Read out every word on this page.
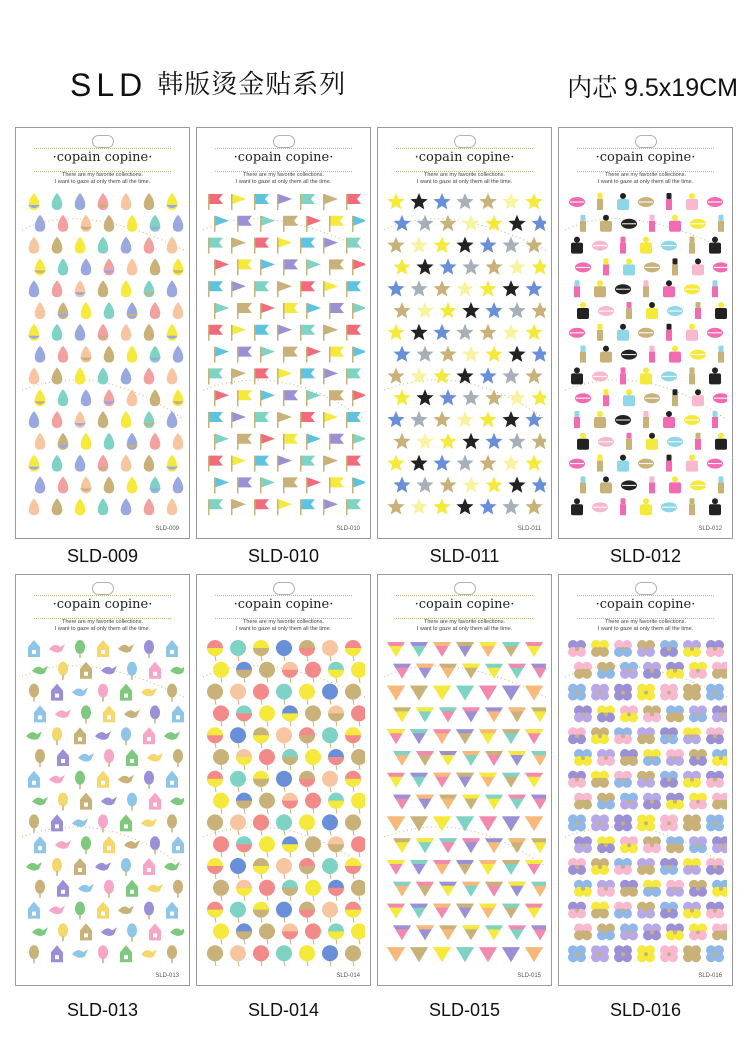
SLD 韩版烫金贴系列	内芯 9.5x19CM
·copain copine·
There are my favorite collections.
I want to gaze at only them all the time.
SLD-009
SLD-009
·copain copine·
There are my favorite collections.
I want to gaze at only them all the time.
SLD-010
SLD-010
·copain copine·
There are my favorite collections.
I want to gaze at only them all the time.
SLD-011
SLD-011
·copain copine·
There are my favorite collections.
I want to gaze at only them all the time.
SLD-012
SLD-012
·copain copine·
There are my favorite collections.
I want to gaze at only them all the time.
SLD-013
SLD-013
·copain copine·
There are my favorite collections.
I want to gaze at only them all the time.
SLD-014
SLD-014
·copain copine·
There are my favorite collections.
I want to gaze at only them all the time.
SLD-015
SLD-015
·copain copine·
There are my favorite collections.
I want to gaze at only them all the time.
SLD-016
SLD-016
